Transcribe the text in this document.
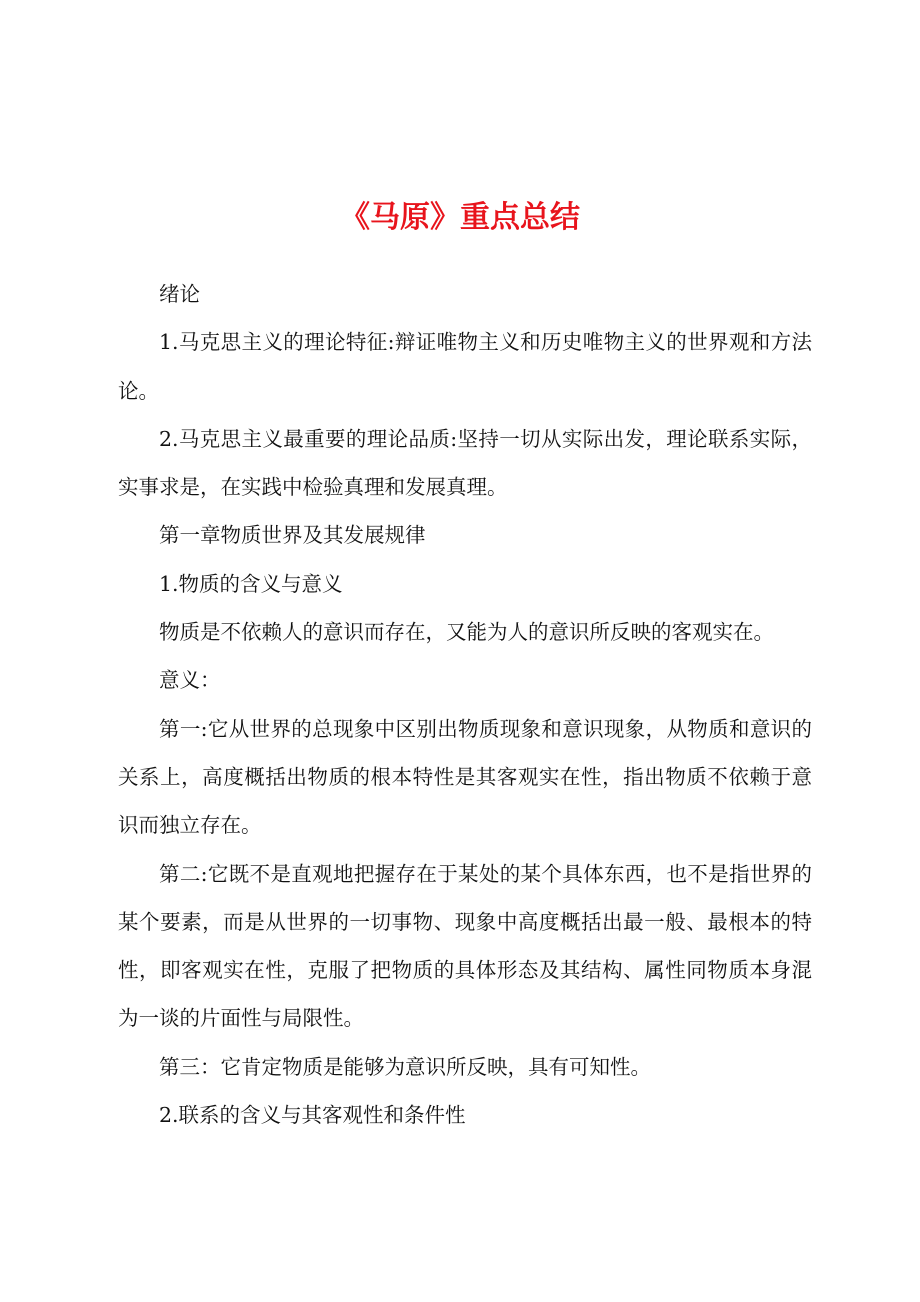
《马原》重点总结

绪论

1.马克思主义的理论特征:辩证唯物主义和历史唯物主义的世界观和方法论。

2.马克思主义最重要的理论品质:坚持一切从实际出发，理论联系实际，实事求是，在实践中检验真理和发展真理。

第一章物质世界及其发展规律

1.物质的含义与意义

物质是不依赖人的意识而存在，又能为人的意识所反映的客观实在。

意义：

第一:它从世界的总现象中区别出物质现象和意识现象，从物质和意识的关系上，高度概括出物质的根本特性是其客观实在性，指出物质不依赖于意识而独立存在。

第二:它既不是直观地把握存在于某处的某个具体东西，也不是指世界的某个要素，而是从世界的一切事物、现象中高度概括出最一般、最根本的特性，即客观实在性，克服了把物质的具体形态及其结构、属性同物质本身混为一谈的片面性与局限性。

第三：它肯定物质是能够为意识所反映，具有可知性。

2.联系的含义与其客观性和条件性
